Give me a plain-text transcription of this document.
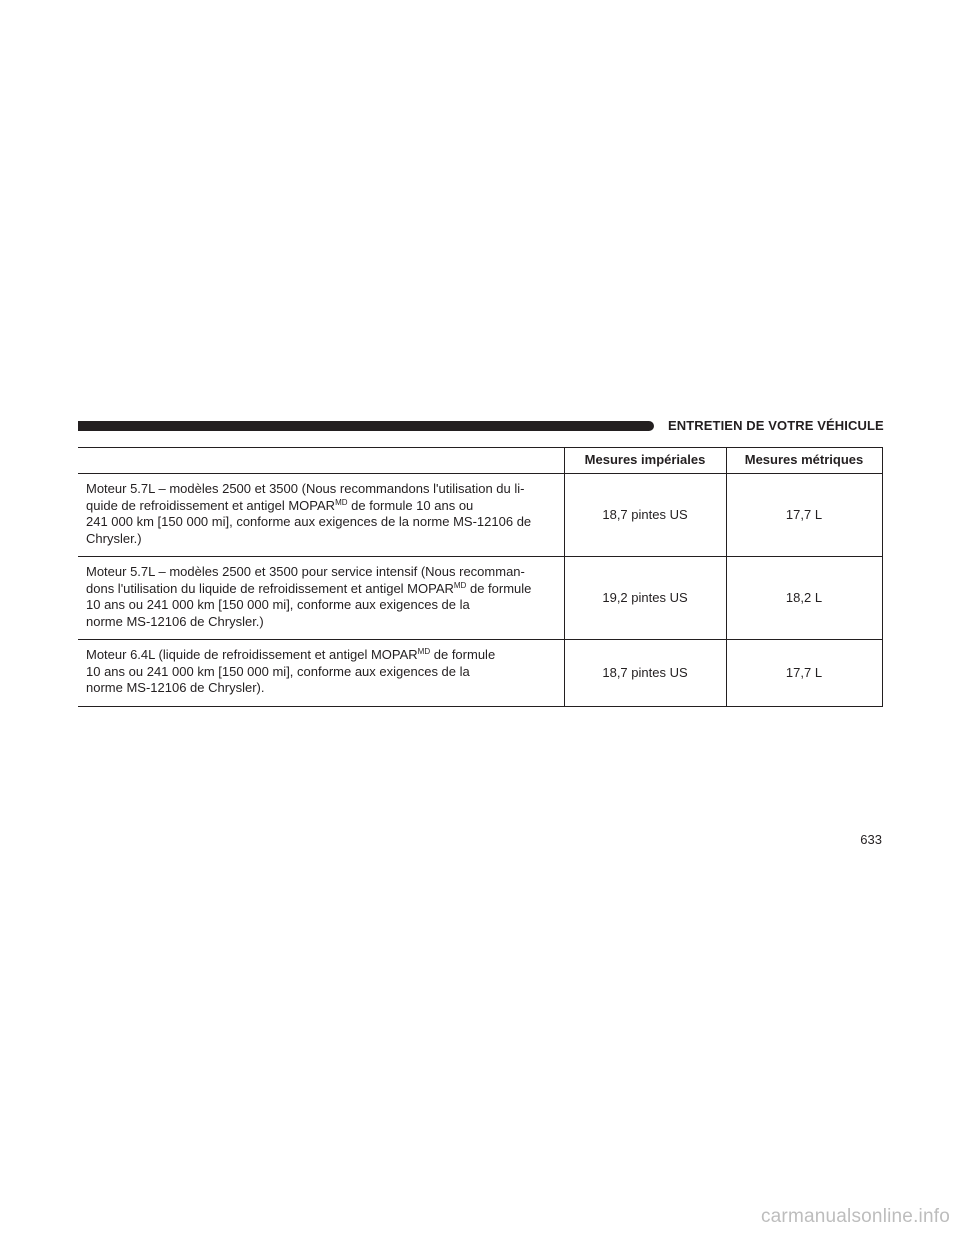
ENTRETIEN DE VOTRE VÉHICULE
	Mesures impériales	Mesures métriques
Moteur 5.7L – modèles 2500 et 3500 (Nous recommandons l'utilisation du li-
quide de refroidissement et antigel $MOPAR^{MD}$ de formule 10 ans ou
241 000 km [150 000 mi], conforme aux exigences de la norme MS-12106 de
Chrysler.)	18,7 pintes US	17,7 L
Moteur 5.7L – modèles 2500 et 3500 pour service intensif (Nous recomman-
dons l'utilisation du liquide de refroidissement et antigel $MOPAR^{MD}$ de formule
10 ans ou 241 000 km [150 000 mi], conforme aux exigences de la
norme MS-12106 de Chrysler.)	19,2 pintes US	18,2 L
Moteur 6.4L (liquide de refroidissement et antigel $MOPAR^{MD}$ de formule
10 ans ou 241 000 km [150 000 mi], conforme aux exigences de la
norme MS-12106 de Chrysler).	18,7 pintes US	17,7 L
633
carmanualsonline.info
